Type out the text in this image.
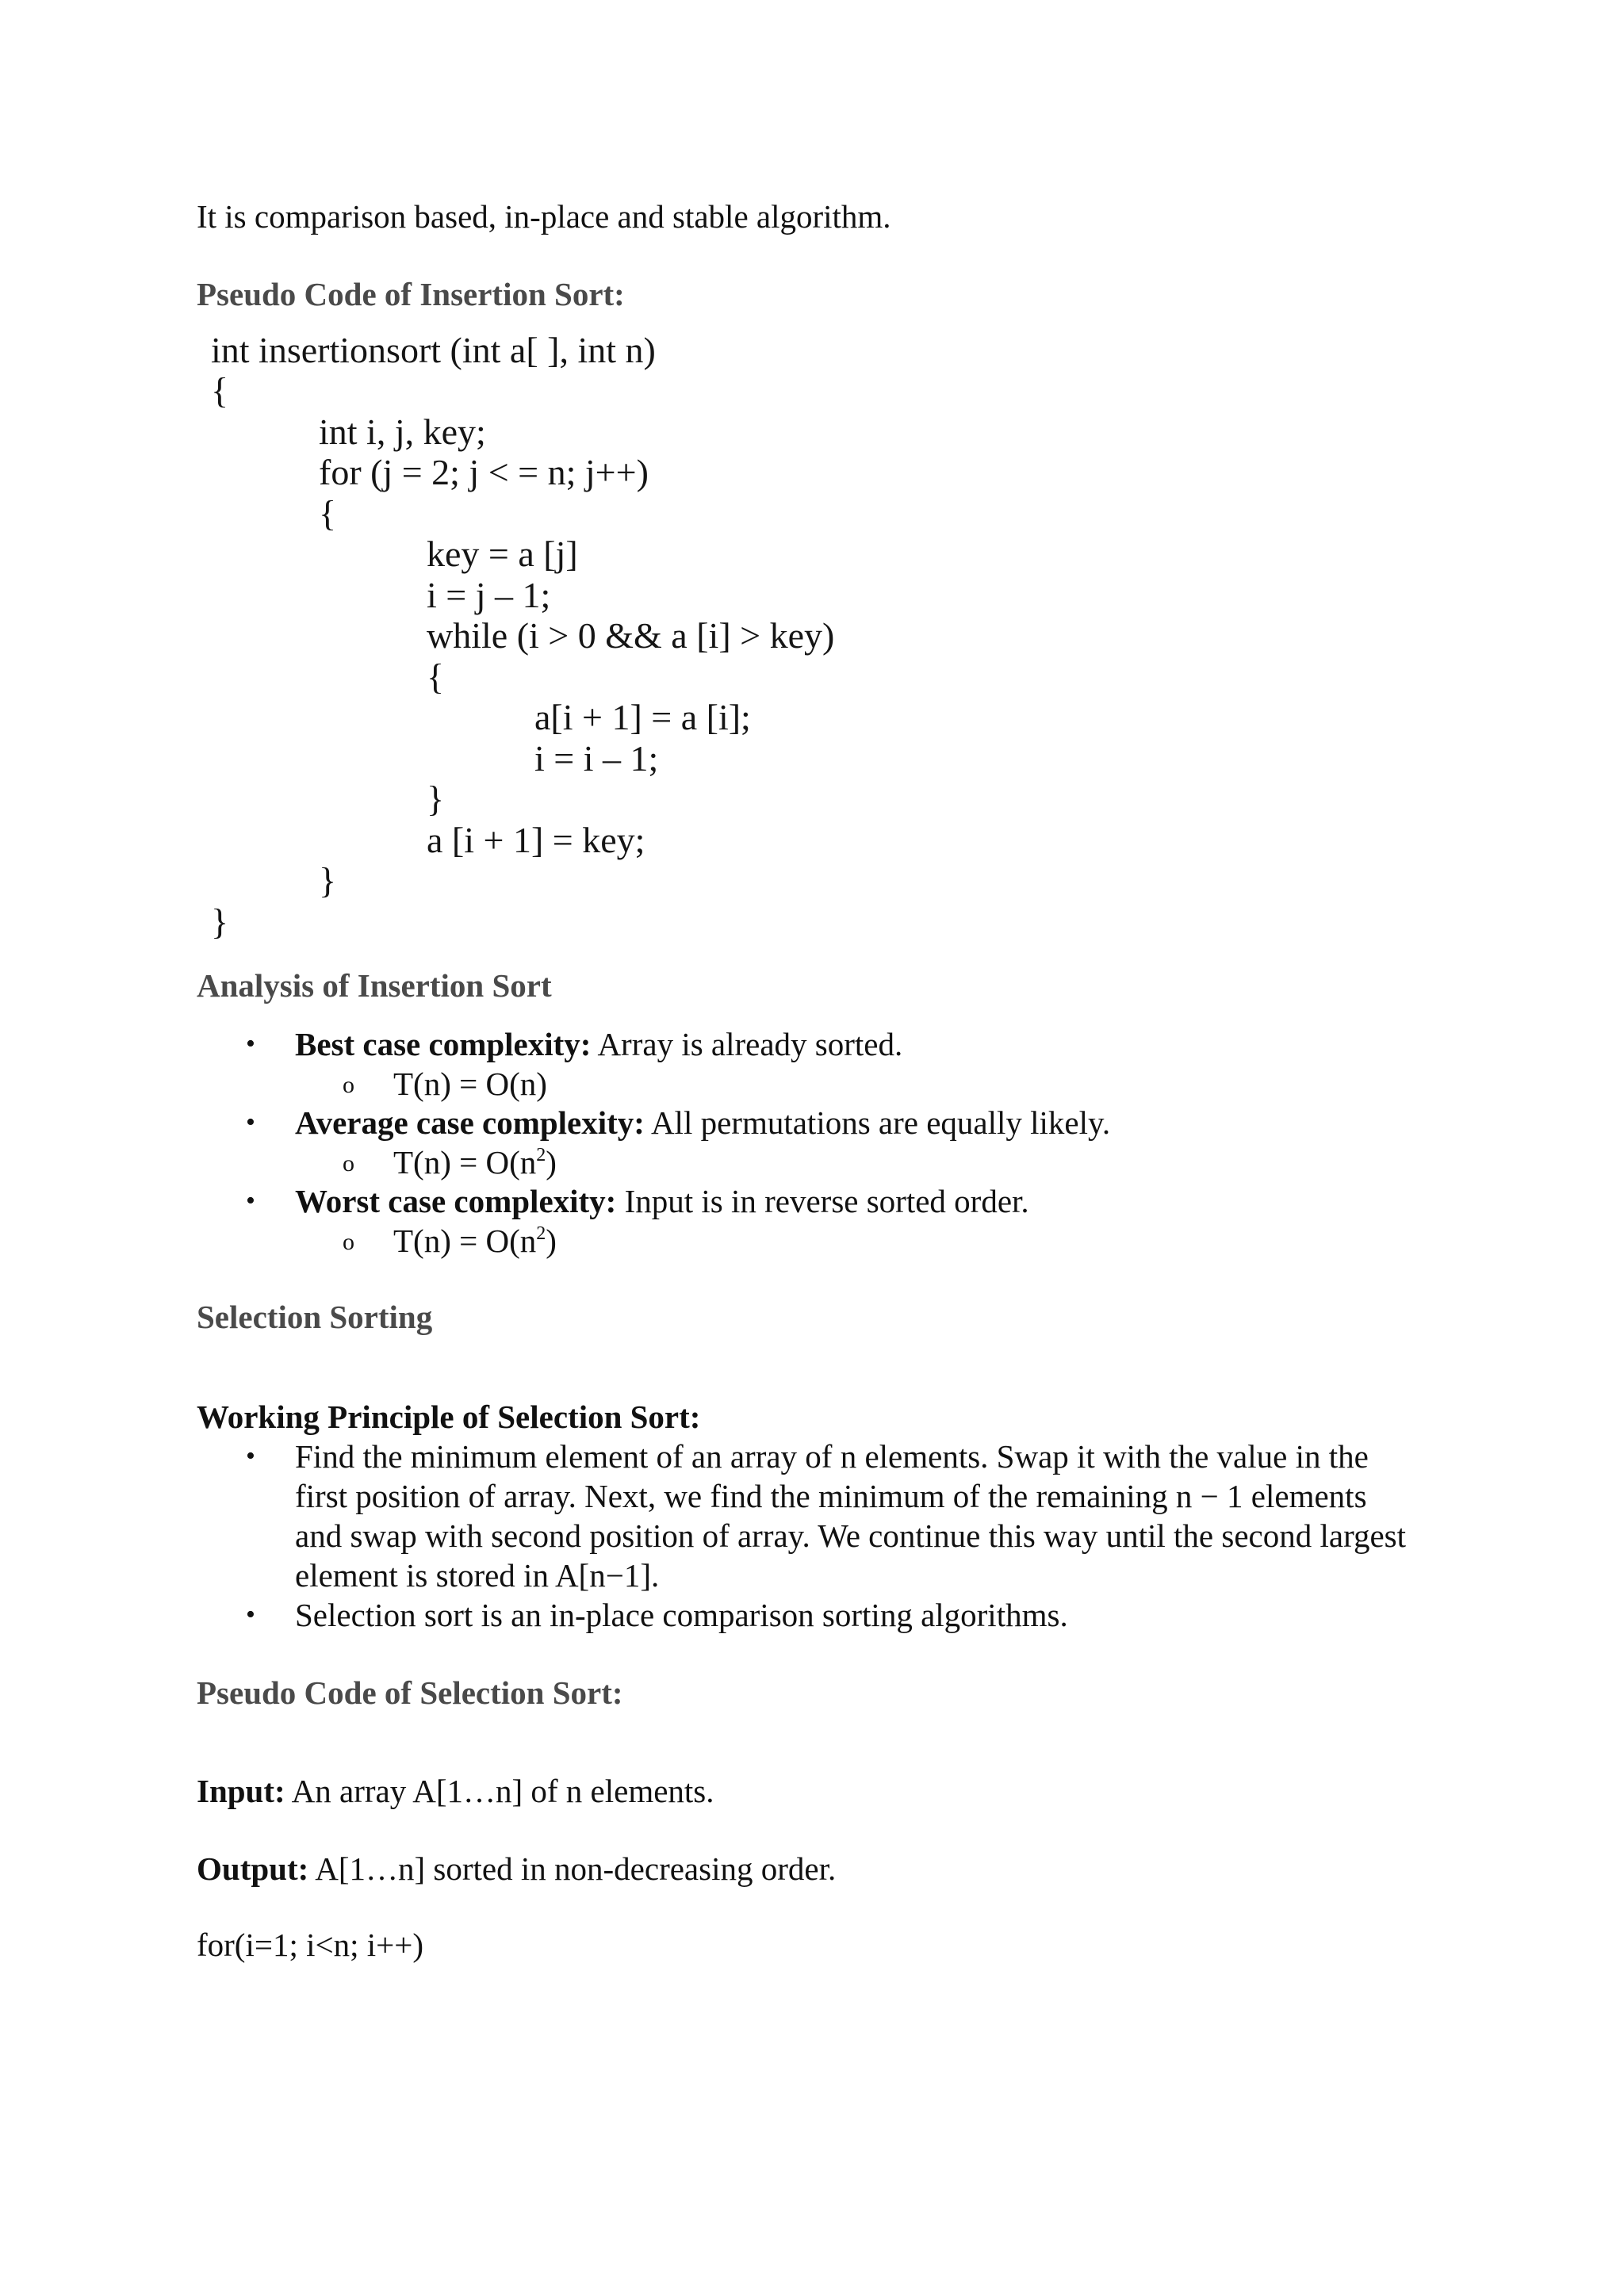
It is comparison based, in-place and stable algorithm.
Pseudo Code of Insertion Sort:
int insertionsort (int a[ ], int n)
{
int i, j, key;
for (j = 2; j < = n; j++)
{
key = a [j]
i = j – 1;
while (i > 0 && a [i] > key)
{
a[i + 1] = a [i];
i = i – 1;
}
a [i + 1] = key;
}
}
Analysis of Insertion Sort
• Best case complexity: Array is already sorted.
o T(n) = O(n)
• Average case complexity: All permutations are equally likely.
o $T(n) = O(n^2)$
• Worst case complexity: Input is in reverse sorted order.
o $T(n) = O(n^2)$
Selection Sorting
Working Principle of Selection Sort:
• Find the minimum element of an array of n elements. Swap it with the value in the
first position of array. Next, we find the minimum of the remaining n − 1 elements
and swap with second position of array. We continue this way until the second largest
element is stored in A[n−1].
• Selection sort is an in-place comparison sorting algorithms.
Pseudo Code of Selection Sort:
Input: An array A[1…n] of n elements.
Output: A[1…n] sorted in non-decreasing order.
for(i=1; i<n; i++)
